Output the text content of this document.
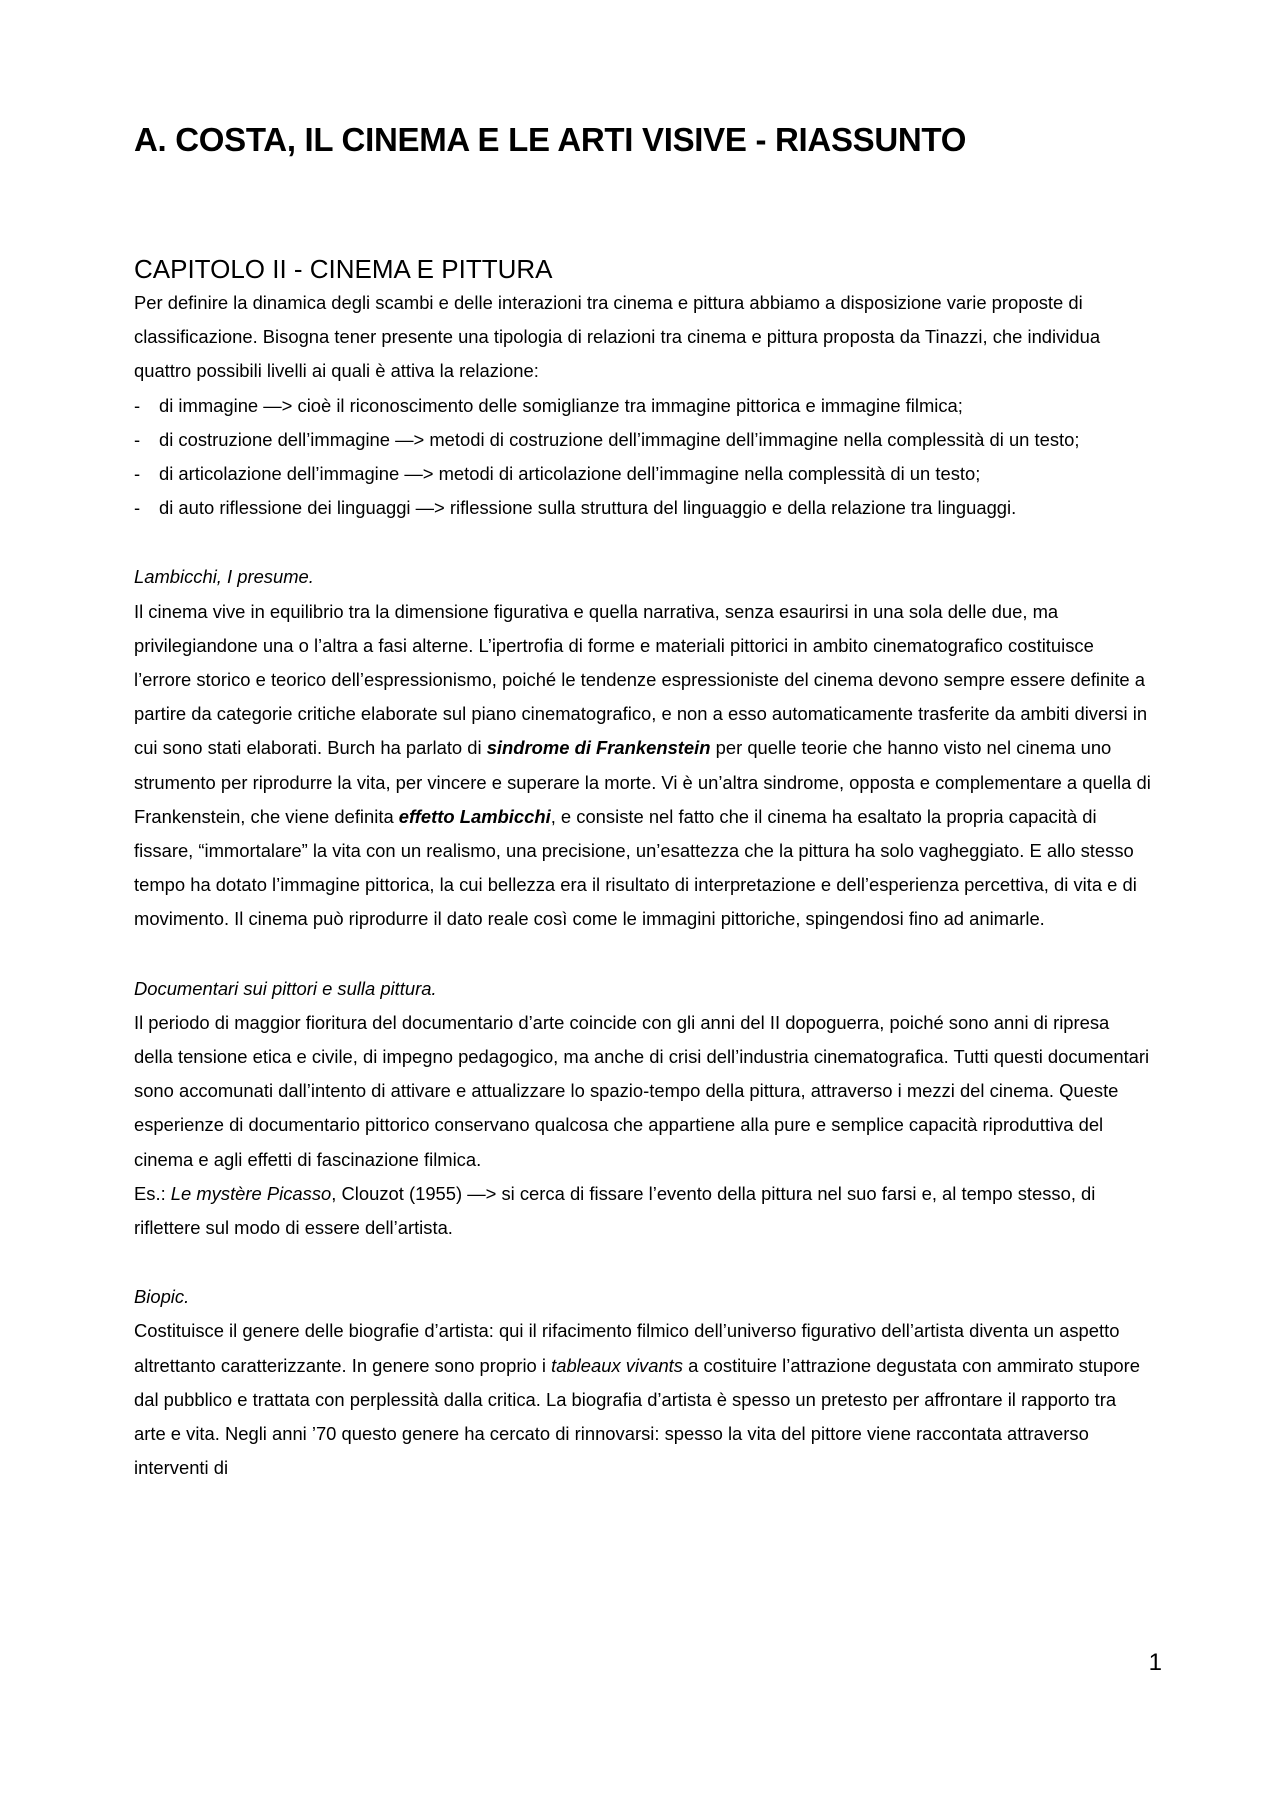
A. COSTA, IL CINEMA E LE ARTI VISIVE - RIASSUNTO
CAPITOLO II - CINEMA E PITTURA

Per definire la dinamica degli scambi e delle interazioni tra cinema e pittura abbiamo a disposizione varie proposte di classificazione. Bisogna tener presente una tipologia di relazioni tra cinema e pittura proposta da Tinazzi, che individua quattro possibili livelli ai quali è attiva la relazione:

- di immagine —> cioè il riconoscimento delle somiglianze tra immagine pittorica e immagine filmica;
- di costruzione dell’immagine —> metodi di costruzione dell’immagine dell’immagine nella complessità di un testo;
- di articolazione dell’immagine —> metodi di articolazione dell’immagine nella complessità di un testo;
- di auto riflessione dei linguaggi —> riflessione sulla struttura del linguaggio e della relazione tra linguaggi.

Lambicchi, I presume.

Il cinema vive in equilibrio tra la dimensione figurativa e quella narrativa, senza esaurirsi in una sola delle due, ma privilegiandone una o l’altra a fasi alterne. L’ipertrofia di forme e materiali pittorici in ambito cinematografico costituisce l’errore storico e teorico dell’espressionismo, poiché le tendenze espressioniste del cinema devono sempre essere definite a partire da categorie critiche elaborate sul piano cinematografico, e non a esso automaticamente trasferite da ambiti diversi in cui sono stati elaborati. Burch ha parlato di sindrome di Frankenstein per quelle teorie che hanno visto nel cinema uno strumento per riprodurre la vita, per vincere e superare la morte. Vi è un’altra sindrome, opposta e complementare a quella di Frankenstein, che viene definita effetto Lambicchi, e consiste nel fatto che il cinema ha esaltato la propria capacità di fissare, “immortalare” la vita con un realismo, una precisione, un’esattezza che la pittura ha solo vagheggiato. E allo stesso tempo ha dotato l’immagine pittorica, la cui bellezza era il risultato di interpretazione e dell’esperienza percettiva, di vita e di movimento. Il cinema può riprodurre il dato reale così come le immagini pittoriche, spingendosi fino ad animarle.

Documentari sui pittori e sulla pittura.

Il periodo di maggior fioritura del documentario d’arte coincide con gli anni del II dopoguerra, poiché sono anni di ripresa della tensione etica e civile, di impegno pedagogico, ma anche di crisi dell’industria cinematografica. Tutti questi documentari sono accomunati dall’intento di attivare e attualizzare lo spazio-tempo della pittura, attraverso i mezzi del cinema. Queste esperienze di documentario pittorico conservano qualcosa che appartiene alla pure e semplice capacità riproduttiva del cinema e agli effetti di fascinazione filmica.

Es.: Le mystère Picasso, Clouzot (1955) —> si cerca di fissare l’evento della pittura nel suo farsi e, al tempo stesso, di riflettere sul modo di essere dell’artista.

Biopic.

Costituisce il genere delle biografie d’artista: qui il rifacimento filmico dell’universo figurativo dell’artista diventa un aspetto altrettanto caratterizzante. In genere sono proprio i tableaux vivants a costituire l’attrazione degustata con ammirato stupore dal pubblico e trattata con perplessità dalla critica. La biografia d’artista è spesso un pretesto per affrontare il rapporto tra arte e vita. Negli anni ’70 questo genere ha cercato di rinnovarsi: spesso la vita del pittore viene raccontata attraverso interventi di

1
